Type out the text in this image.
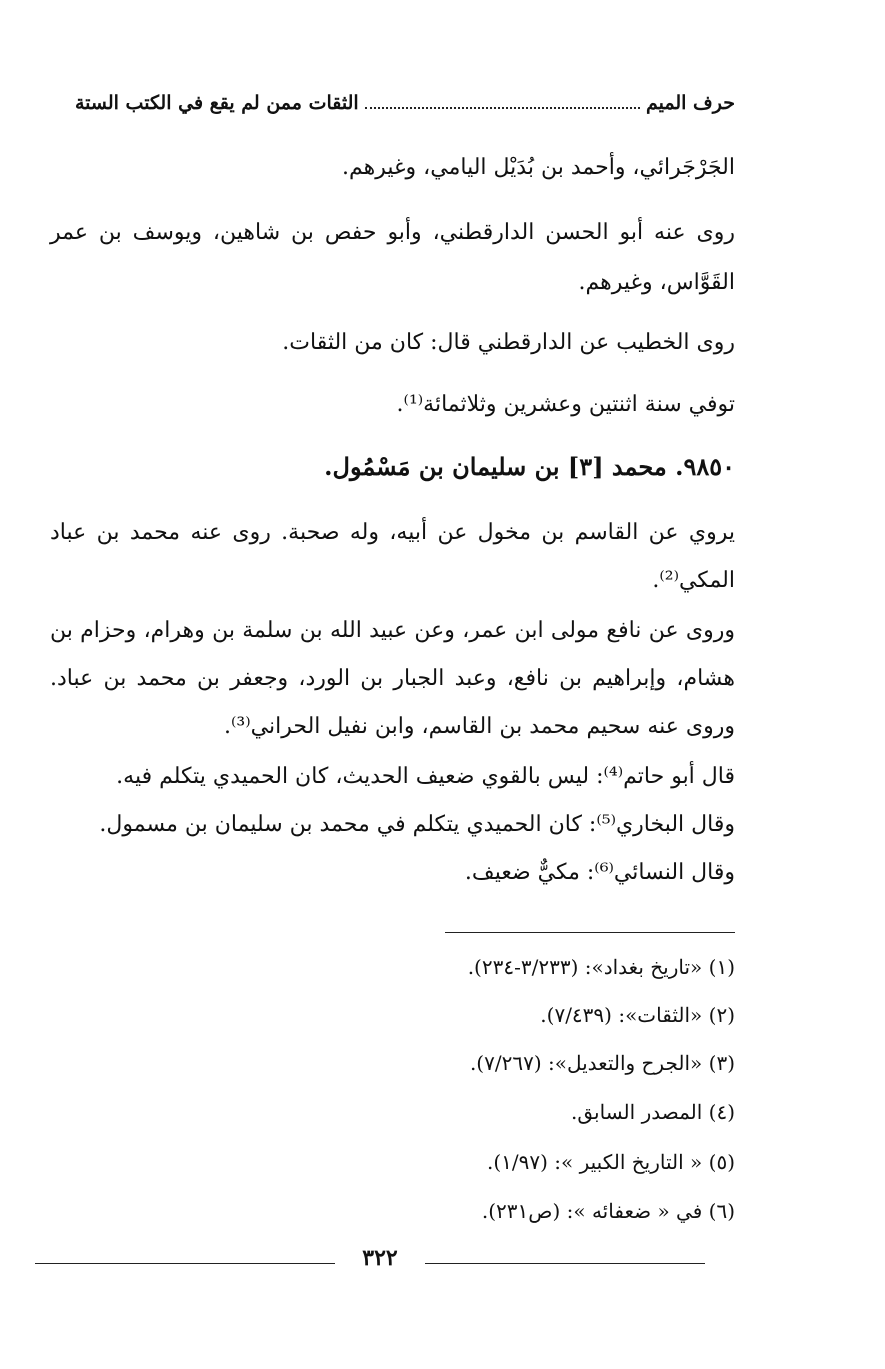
حرف الميم
الثقات ممن لم يقع في الكتب الستة
الجَرْجَرائي، وأحمد بن بُدَيْل اليامي، وغيرهم.
روى عنه أبو الحسن الدارقطني، وأبو حفص بن شاهين، ويوسف بن عمر
القَوَّاس، وغيرهم.
روى الخطيب عن الدارقطني قال: كان من الثقات.
توفي سنة اثنتين وعشرين وثلاثمائة⁽¹⁾.
٩٨٥٠. محمد [٣] بن سليمان بن مَسْمُول.
يروي عن القاسم بن مخول عن أبيه، وله صحبة. روى عنه محمد بن عباد
المكي⁽²⁾.
وروى عن نافع مولى ابن عمر، وعن عبيد الله بن سلمة بن وهرام، وحزام بن
هشام، وإبراهيم بن نافع، وعبد الجبار بن الورد، وجعفر بن محمد بن عباد.
وروى عنه سحيم محمد بن القاسم، وابن نفيل الحراني⁽³⁾.
قال أبو حاتم⁽⁴⁾: ليس بالقوي ضعيف الحديث، كان الحميدي يتكلم فيه.
وقال البخاري⁽⁵⁾: كان الحميدي يتكلم في محمد بن سليمان بن مسمول.
وقال النسائي⁽⁶⁾: مكيٌّ ضعيف.
(١) «تاريخ بغداد»: (٣/٢٣٣-٢٣٤).
(٢) «الثقات»: (٧/٤٣٩).
(٣) «الجرح والتعديل»: (٧/٢٦٧).
(٤) المصدر السابق.
(٥) « التاريخ الكبير »: (١/٩٧).
(٦) في « ضعفائه »: (ص٢٣١).
٣٢٢
